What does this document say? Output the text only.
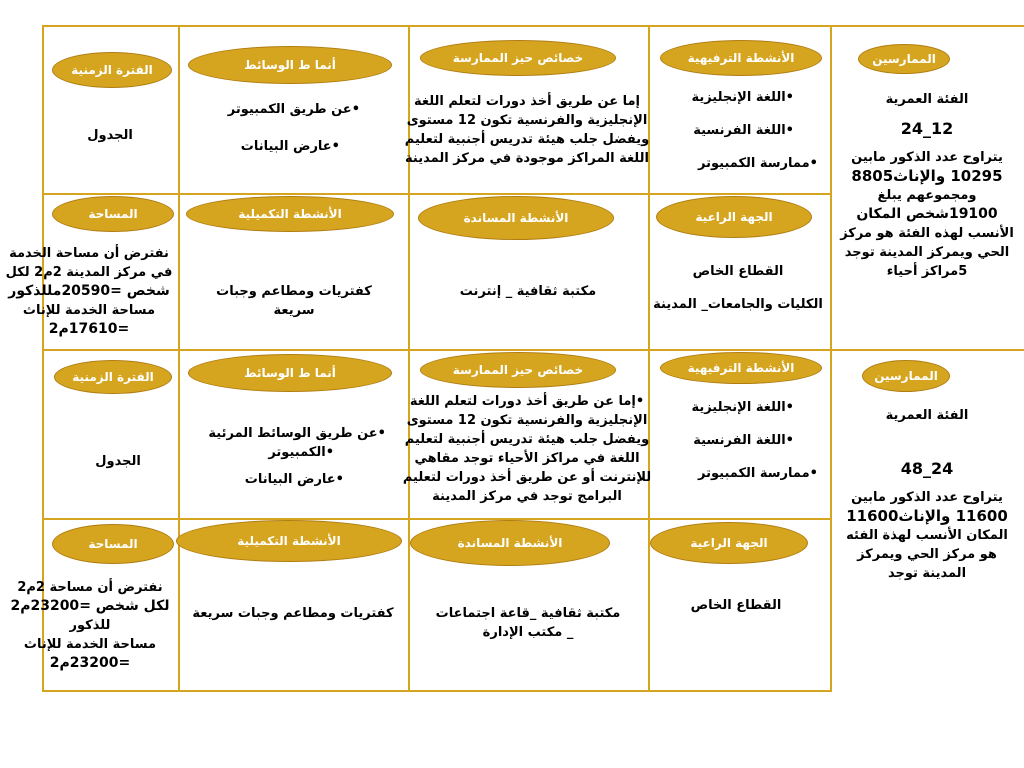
الممارسين
الأنشطة الترفيهية
خصائص حيز الممارسة
أنما ط الوسائط
الفترة الزمنية
الجهة الراعية
الأنشطة المساندة
الأنشطة التكميلية
المساحة
الفئة العمرية
12_24
يتراوح عدد الذكور مابين
10295 والإناث8805
ومجموعهم يبلغ
19100شخص المكان
الأنسب لهذه الفئة هو مركز
الحي ويمركز المدينة توجد
5مراكز أحياء
•اللغة الإنجليزية
•اللغة الفرنسية
•ممارسة الكمبيوتر
إما عن طريق أخذ دورات لتعلم اللغة
الإنجليزية والفرنسية تكون 12 مستوى
ويفضل جلب هيئة تدريس أجنبية لتعليم
اللغة المراكز موجودة في مركز المدينة
•عن طريق الكمبيوتر
•عارض البيانات
الجدول
القطاع الخاص
الكليات والجامعات_ المدينة
مكتبة ثقافية _ إنترنت
كفتريات ومطاعم وجبات
سريعة
نفترض أن مساحة الخدمة
في مركز المدينة 2م2 لكل
شخص =20590مللذكور
مساحة الخدمة للإناث
=17610م2
الممارسين
الأنشطة الترفيهية
خصائص حيز الممارسة
أنما ط الوسائط
الفترة الزمنية
الجهة الراعية
الأنشطة المساندة
الأنشطة التكميلية
المساحة
الفئة العمرية
24_48
يتراوح عدد الذكور مابين
11600 والإناث11600
المكان الأنسب لهذة الفئه
هو مركز الحي ويمركز
المدينة توجد
•اللغة الإنجليزية
•اللغة الفرنسية
•ممارسة الكمبيوتر
•إما عن طريق أخذ دورات لتعلم اللغة
الإنجليزية والفرنسية تكون 12 مستوى
ويفضل جلب هيئة تدريس أجنبية لتعليم
اللغة في مراكز الأحياء توجد مقاهي
للإنترنت أو عن طريق أخذ دورات لتعليم
البرامج توجد في مركز المدينة
•عن طريق الوسائط المرئية
•الكمبيوتر
•عارض البيانات
الجدول
القطاع الخاص
مكتبة ثقافية _قاعة اجتماعات
_ مكتب الإدارة
كفتريات ومطاعم وجبات سريعة
نفترض أن مساحة 2م2
لكل شخص =23200م2
للذكور
مساحة الخدمة للإناث
=23200م2
